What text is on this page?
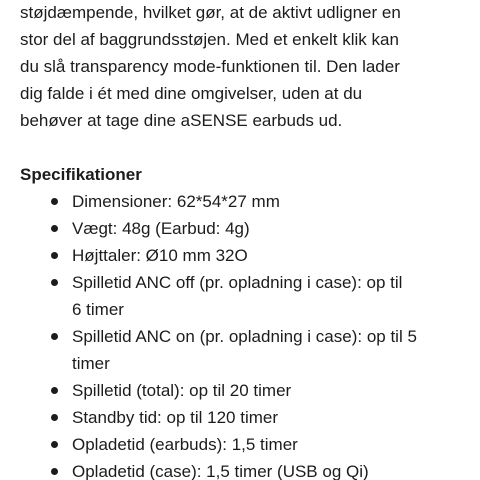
støjdæmpende, hvilket gør, at de aktivt udligner en
stor del af baggrundsstøjen. Med et enkelt klik kan
du slå transparency mode-funktionen til. Den lader
dig falde i ét med dine omgivelser, uden at du
behøver at tage dine aSENSE earbuds ud.

Specifikationer
Dimensioner: 62*54*27 mm
Vægt: 48g (Earbud: 4g)
Højttaler: Ø10 mm 32O
Spilletid ANC off (pr. opladning i case): op til
6 timer
Spilletid ANC on (pr. opladning i case): op til 5
timer
Spilletid (total): op til 20 timer
Standby tid: op til 120 timer
Opladetid (earbuds): 1,5 timer
Opladetid (case): 1,5 timer (USB og Qi)
